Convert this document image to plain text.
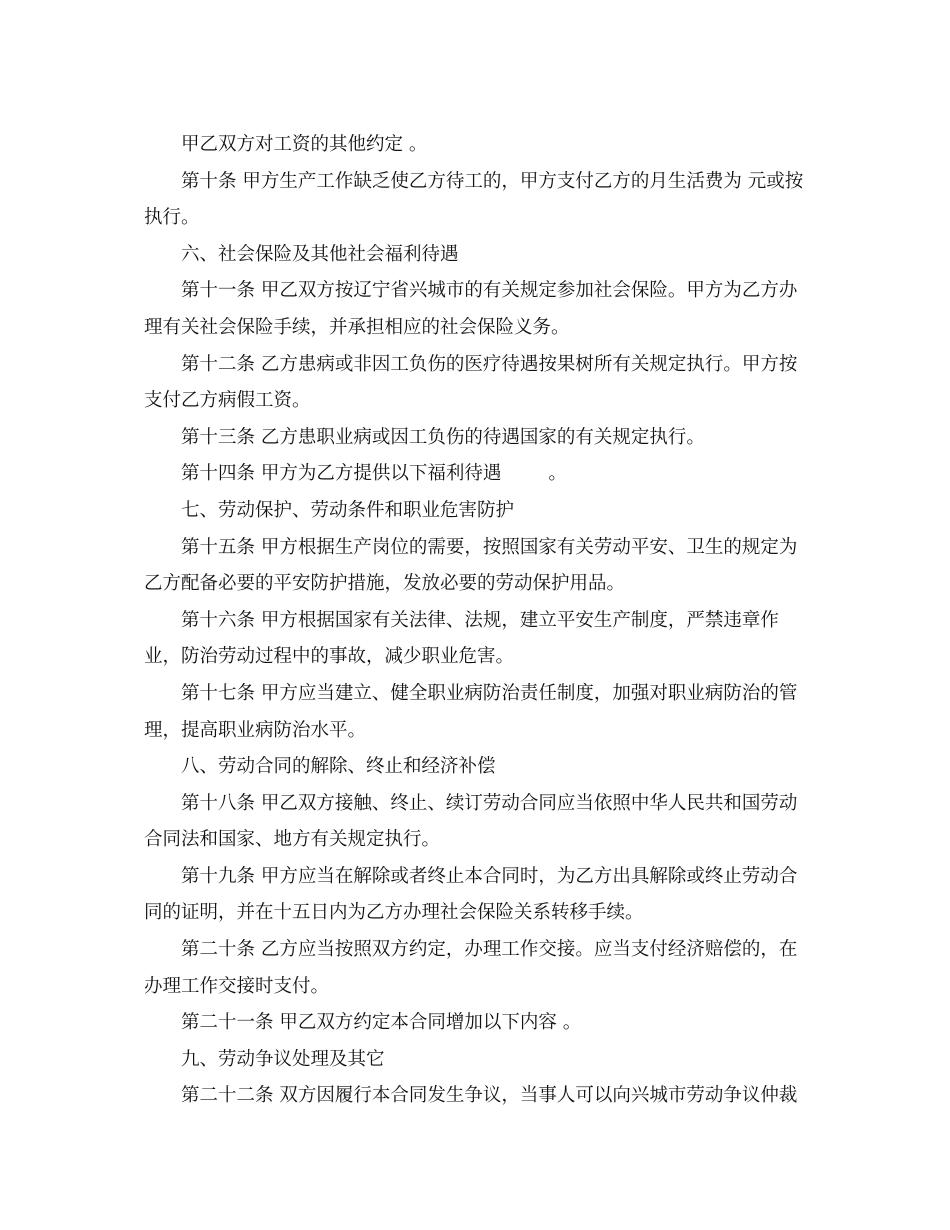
甲乙双方对工资的其他约定 。
第十条 甲方生产工作缺乏使乙方待工的，甲方支付乙方的月生活费为 元或按
执行。
六、社会保险及其他社会福利待遇
第十一条 甲乙双方按辽宁省兴城市的有关规定参加社会保险。甲方为乙方办
理有关社会保险手续，并承担相应的社会保险义务。
第十二条 乙方患病或非因工负伤的医疗待遇按果树所有关规定执行。甲方按
支付乙方病假工资。
第十三条 乙方患职业病或因工负伤的待遇国家的有关规定执行。
第十四条 甲方为乙方提供以下福利待遇        。
七、劳动保护、劳动条件和职业危害防护
第十五条 甲方根据生产岗位的需要，按照国家有关劳动平安、卫生的规定为
乙方配备必要的平安防护措施，发放必要的劳动保护用品。
第十六条 甲方根据国家有关法律、法规，建立平安生产制度，严禁违章作
业，防治劳动过程中的事故，减少职业危害。
第十七条 甲方应当建立、健全职业病防治责任制度，加强对职业病防治的管
理，提高职业病防治水平。
八、劳动合同的解除、终止和经济补偿
第十八条 甲乙双方接触、终止、续订劳动合同应当依照中华人民共和国劳动
合同法和国家、地方有关规定执行。
第十九条 甲方应当在解除或者终止本合同时，为乙方出具解除或终止劳动合
同的证明，并在十五日内为乙方办理社会保险关系转移手续。
第二十条 乙方应当按照双方约定，办理工作交接。应当支付经济赔偿的，在
办理工作交接时支付。
第二十一条 甲乙双方约定本合同增加以下内容 。
九、劳动争议处理及其它
第二十二条 双方因履行本合同发生争议，当事人可以向兴城市劳动争议仲裁
